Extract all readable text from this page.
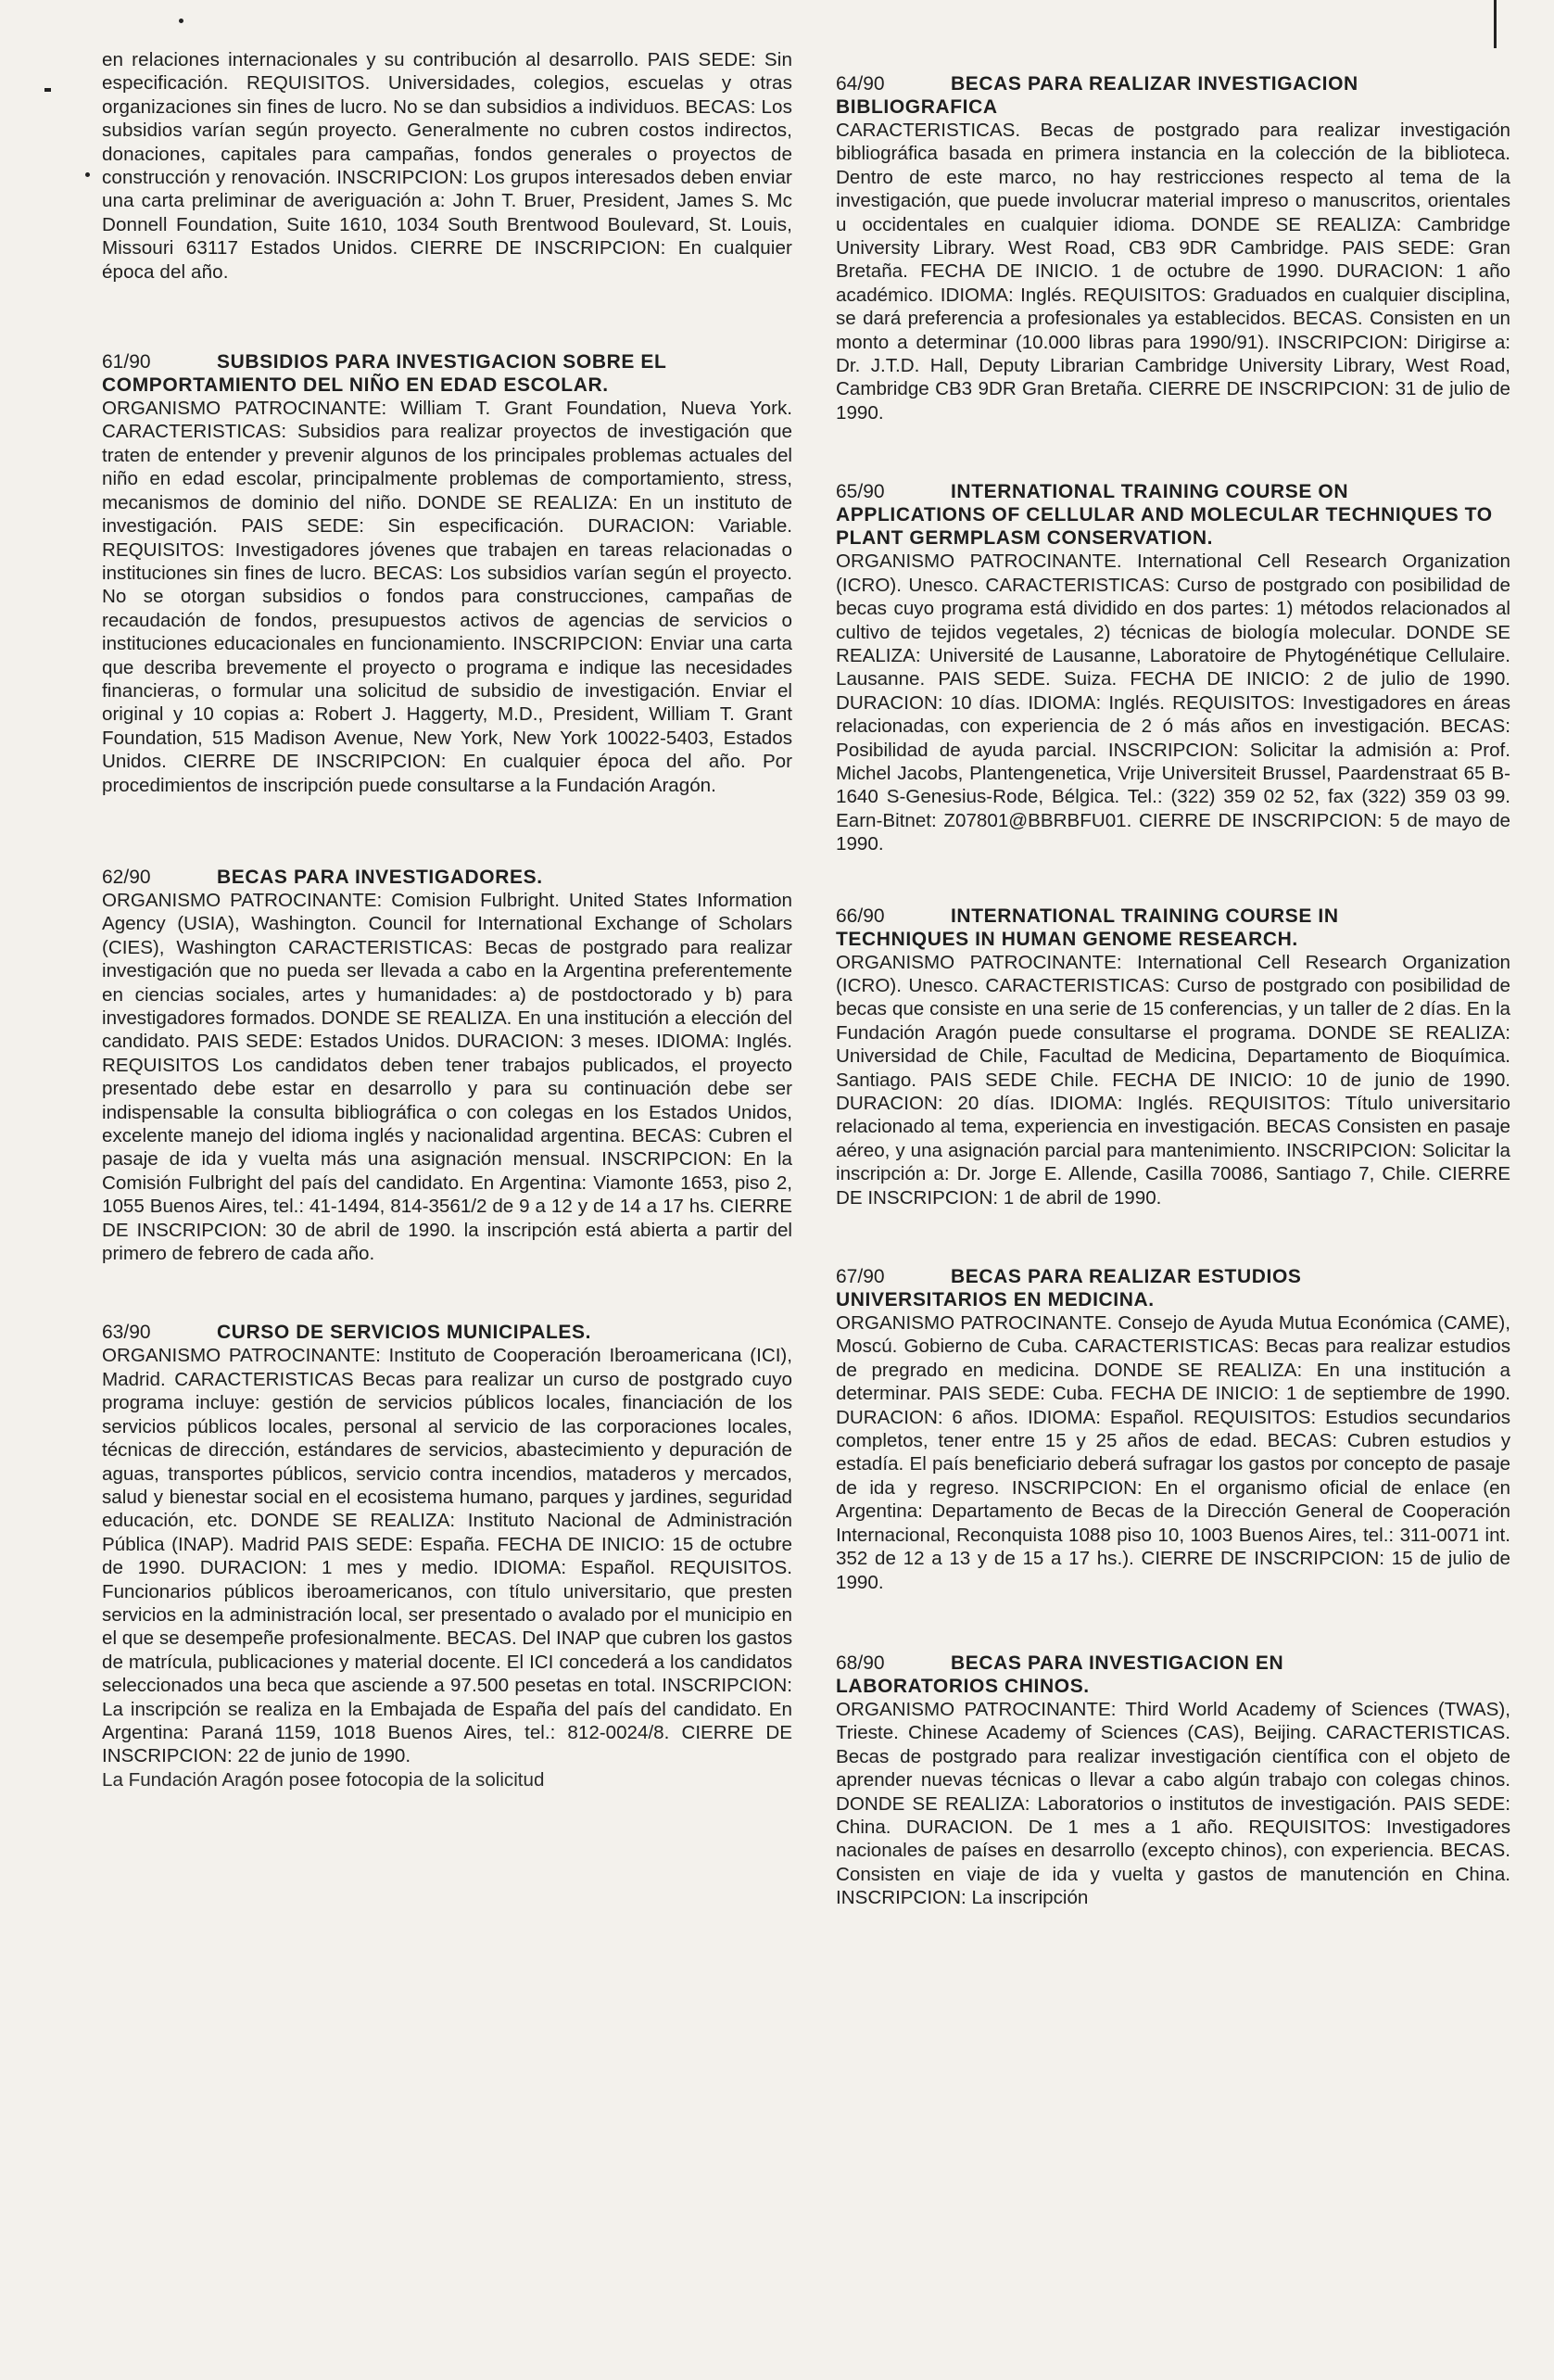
en relaciones internacionales y su contribución al desarrollo. PAIS SEDE: Sin especificación. REQUISITOS. Universidades, colegios, escuelas y otras organizaciones sin fines de lucro. No se dan subsidios a individuos. BECAS: Los subsidios varían según proyecto. Generalmente no cubren costos indirectos, donaciones, capitales para campañas, fondos generales o proyectos de construcción y renovación. INSCRIPCION: Los grupos interesados deben enviar una carta preliminar de averiguación a: John T. Bruer, President, James S. Mc Donnell Foundation, Suite 1610, 1034 South Brentwood Boulevard, St. Louis, Missouri 63117 Estados Unidos. CIERRE DE INSCRIPCION: En cualquier época del año.

61/90	SUBSIDIOS PARA INVESTIGACION SOBRE EL

COMPORTAMIENTO DEL NIÑO EN EDAD ESCOLAR.

ORGANISMO PATROCINANTE: William T. Grant Foundation, Nueva York. CARACTERISTICAS: Subsidios para realizar proyectos de investigación que traten de entender y prevenir algunos de los principales problemas actuales del niño en edad escolar, principalmente problemas de comportamiento, stress, mecanismos de dominio del niño. DONDE SE REALIZA: En un instituto de investigación. PAIS SEDE: Sin especificación. DURACION: Variable. REQUISITOS: Investigadores jóvenes que trabajen en tareas relacionadas o instituciones sin fines de lucro. BECAS: Los subsidios varían según el proyecto. No se otorgan subsidios o fondos para construcciones, campañas de recaudación de fondos, presupuestos activos de agencias de servicios o instituciones educacionales en funcionamiento. INSCRIPCION: Enviar una carta que describa brevemente el proyecto o programa e indique las necesidades financieras, o formular una solicitud de subsidio de investigación. Enviar el original y 10 copias a: Robert J. Haggerty, M.D., President, William T. Grant Foundation, 515 Madison Avenue, New York, New York 10022-5403, Estados Unidos. CIERRE DE INSCRIPCION: En cualquier época del año. Por procedimientos de inscripción puede consultarse a la Fundación Aragón.

62/90	BECAS PARA INVESTIGADORES.

ORGANISMO PATROCINANTE: Comision Fulbright. United States Information Agency (USIA), Washington. Council for International Exchange of Scholars (CIES), Washington CARACTERISTICAS: Becas de postgrado para realizar investigación que no pueda ser llevada a cabo en la Argentina preferentemente en ciencias sociales, artes y humanidades: a) de postdoctorado y b) para investigadores formados. DONDE SE REALIZA. En una institución a elección del candidato. PAIS SEDE: Estados Unidos. DURACION: 3 meses. IDIOMA: Inglés. REQUISITOS Los candidatos deben tener trabajos publicados, el proyecto presentado debe estar en desarrollo y para su continuación debe ser indispensable la consulta bibliográfica o con colegas en los Estados Unidos, excelente manejo del idioma inglés y nacionalidad argentina. BECAS: Cubren el pasaje de ida y vuelta más una asignación mensual. INSCRIPCION: En la Comisión Fulbright del país del candidato. En Argentina: Viamonte 1653, piso 2, 1055 Buenos Aires, tel.: 41-1494, 814-3561/2 de 9 a 12 y de 14 a 17 hs. CIERRE DE INSCRIPCION: 30 de abril de 1990. la inscripción está abierta a partir del primero de febrero de cada año.

63/90	CURSO DE SERVICIOS MUNICIPALES.

ORGANISMO PATROCINANTE: Instituto de Cooperación Iberoamericana (ICI), Madrid. CARACTERISTICAS Becas para realizar un curso de postgrado cuyo programa incluye: gestión de servicios públicos locales, financiación de los servicios públicos locales, personal al servicio de las corporaciones locales, técnicas de dirección, estándares de servicios, abastecimiento y depuración de aguas, transportes públicos, servicio contra incendios, mataderos y mercados, salud y bienestar social en el ecosistema humano, parques y jardines, seguridad educación, etc. DONDE SE REALIZA: Instituto Nacional de Administración Pública (INAP). Madrid PAIS SEDE: España. FECHA DE INICIO: 15 de octubre de 1990. DURACION: 1 mes y medio. IDIOMA: Español. REQUISITOS. Funcionarios públicos iberoamericanos, con título universitario, que presten servicios en la administración local, ser presentado o avalado por el municipio en el que se desempeñe profesionalmente. BECAS. Del INAP que cubren los gastos de matrícula, publicaciones y material docente. El ICI concederá a los candidatos seleccionados una beca que asciende a 97.500 pesetas en total. INSCRIPCION: La inscripción se realiza en la Embajada de España del país del candidato. En Argentina: Paraná 1159, 1018 Buenos Aires, tel.: 812-0024/8. CIERRE DE INSCRIPCION: 22 de junio de 1990.

La Fundación Aragón posee fotocopia de la solicitud

64/90	BECAS PARA REALIZAR INVESTIGACION

BIBLIOGRAFICA

CARACTERISTICAS. Becas de postgrado para realizar investigación bibliográfica basada en primera instancia en la colección de la biblioteca. Dentro de este marco, no hay restricciones respecto al tema de la investigación, que puede involucrar material impreso o manuscritos, orientales u occidentales en cualquier idioma. DONDE SE REALIZA: Cambridge University Library. West Road, CB3 9DR Cambridge. PAIS SEDE: Gran Bretaña. FECHA DE INICIO. 1 de octubre de 1990. DURACION: 1 año académico. IDIOMA: Inglés. REQUISITOS: Graduados en cualquier disciplina, se dará preferencia a profesionales ya establecidos. BECAS. Consisten en un monto a determinar (10.000 libras para 1990/91). INSCRIPCION: Dirigirse a: Dr. J.T.D. Hall, Deputy Librarian Cambridge University Library, West Road, Cambridge CB3 9DR Gran Bretaña. CIERRE DE INSCRIPCION: 31 de julio de 1990.

65/90	INTERNATIONAL TRAINING COURSE ON

APPLICATIONS OF CELLULAR AND MOLECULAR TECHNIQUES TO PLANT GERMPLASM CONSERVATION.

ORGANISMO PATROCINANTE. International Cell Research Organization (ICRO). Unesco. CARACTERISTICAS: Curso de postgrado con posibilidad de becas cuyo programa está dividido en dos partes: 1) métodos relacionados al cultivo de tejidos vegetales, 2) técnicas de biología molecular. DONDE SE REALIZA: Université de Lausanne, Laboratoire de Phytogénétique Cellulaire. Lausanne. PAIS SEDE. Suiza. FECHA DE INICIO: 2 de julio de 1990. DURACION: 10 días. IDIOMA: Inglés. REQUISITOS: Investigadores en áreas relacionadas, con experiencia de 2 ó más años en investigación. BECAS: Posibilidad de ayuda parcial. INSCRIPCION: Solicitar la admisión a: Prof. Michel Jacobs, Plantengenetica, Vrije Universiteit Brussel, Paardenstraat 65 B-1640 S-Genesius-Rode, Bélgica. Tel.: (322) 359 02 52, fax (322) 359 03 99. Earn-Bitnet: Z07801@BBRBFU01. CIERRE DE INSCRIPCION: 5 de mayo de 1990.

66/90	INTERNATIONAL TRAINING COURSE IN

TECHNIQUES IN HUMAN GENOME RESEARCH.

ORGANISMO PATROCINANTE: International Cell Research Organization (ICRO). Unesco. CARACTERISTICAS: Curso de postgrado con posibilidad de becas que consiste en una serie de 15 conferencias, y un taller de 2 días. En la Fundación Aragón puede consultarse el programa. DONDE SE REALIZA: Universidad de Chile, Facultad de Medicina, Departamento de Bioquímica. Santiago. PAIS SEDE Chile. FECHA DE INICIO: 10 de junio de 1990. DURACION: 20 días. IDIOMA: Inglés. REQUISITOS: Título universitario relacionado al tema, experiencia en investigación. BECAS Consisten en pasaje aéreo, y una asignación parcial para mantenimiento. INSCRIPCION: Solicitar la inscripción a: Dr. Jorge E. Allende, Casilla 70086, Santiago 7, Chile. CIERRE DE INSCRIPCION: 1 de abril de 1990.

67/90	BECAS PARA REALIZAR ESTUDIOS

UNIVERSITARIOS EN MEDICINA.

ORGANISMO PATROCINANTE. Consejo de Ayuda Mutua Económica (CAME), Moscú. Gobierno de Cuba. CARACTERISTICAS: Becas para realizar estudios de pregrado en medicina. DONDE SE REALIZA: En una institución a determinar. PAIS SEDE: Cuba. FECHA DE INICIO: 1 de septiembre de 1990. DURACION: 6 años. IDIOMA: Español. REQUISITOS: Estudios secundarios completos, tener entre 15 y 25 años de edad. BECAS: Cubren estudios y estadía. El país beneficiario deberá sufragar los gastos por concepto de pasaje de ida y regreso. INSCRIPCION: En el organismo oficial de enlace (en Argentina: Departamento de Becas de la Dirección General de Cooperación Internacional, Reconquista 1088 piso 10, 1003 Buenos Aires, tel.: 311-0071 int. 352 de 12 a 13 y de 15 a 17 hs.). CIERRE DE INSCRIPCION: 15 de julio de 1990.

68/90	BECAS PARA INVESTIGACION EN

LABORATORIOS CHINOS.

ORGANISMO PATROCINANTE: Third World Academy of Sciences (TWAS), Trieste. Chinese Academy of Sciences (CAS), Beijing. CARACTERISTICAS. Becas de postgrado para realizar investigación científica con el objeto de aprender nuevas técnicas o llevar a cabo algún trabajo con colegas chinos. DONDE SE REALIZA: Laboratorios o institutos de investigación. PAIS SEDE: China. DURACION. De 1 mes a 1 año. REQUISITOS: Investigadores nacionales de países en desarrollo (excepto chinos), con experiencia. BECAS. Consisten en viaje de ida y vuelta y gastos de manutención en China. INSCRIPCION: La inscripción
